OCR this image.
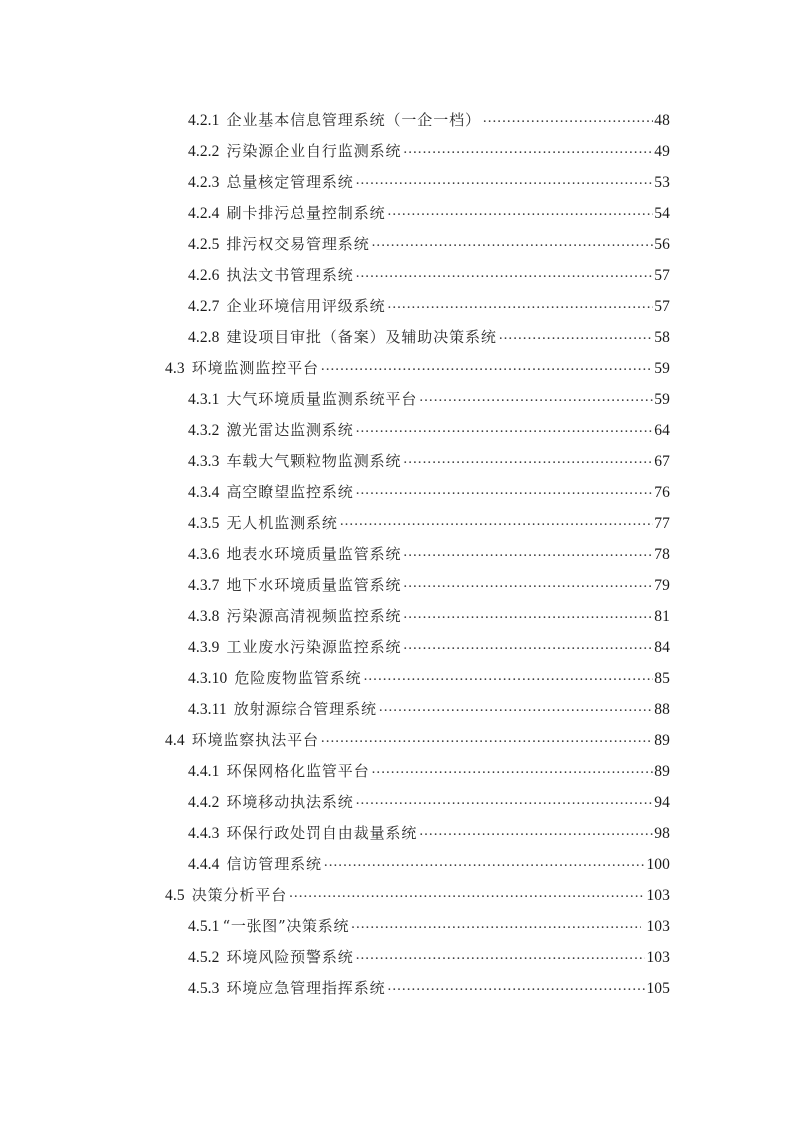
4.2.1 企业基本信息管理系统（一企一档） .....	48
4.2.2 污染源企业自行监测系统 .....	49
4.2.3 总量核定管理系统 .....	53
4.2.4 刷卡排污总量控制系统 .....	54
4.2.5 排污权交易管理系统 .....	56
4.2.6 执法文书管理系统 .....	57
4.2.7 企业环境信用评级系统 .....	57
4.2.8 建设项目审批（备案）及辅助决策系统 .....	58
4.3 环境监测监控平台 .....	59
4.3.1 大气环境质量监测系统平台 .....	59
4.3.2 激光雷达监测系统 .....	64
4.3.3 车载大气颗粒物监测系统 .....	67
4.3.4 高空瞭望监控系统 .....	76
4.3.5 无人机监测系统 .....	77
4.3.6 地表水环境质量监管系统 .....	78
4.3.7 地下水环境质量监管系统 .....	79
4.3.8 污染源高清视频监控系统 .....	81
4.3.9 工业废水污染源监控系统 .....	84
4.3.10 危险废物监管系统 .....	85
4.3.11 放射源综合管理系统 .....	88
4.4 环境监察执法平台 .....	89
4.4.1 环保网格化监管平台 .....	89
4.4.2 环境移动执法系统 .....	94
4.4.3 环保行政处罚自由裁量系统 .....	98
4.4.4 信访管理系统 .....	100
4.5 决策分析平台 .....	103
4.5.1 “一张图”决策系统 .....	103
4.5.2 环境风险预警系统 .....	103
4.5.3 环境应急管理指挥系统 .....	105
